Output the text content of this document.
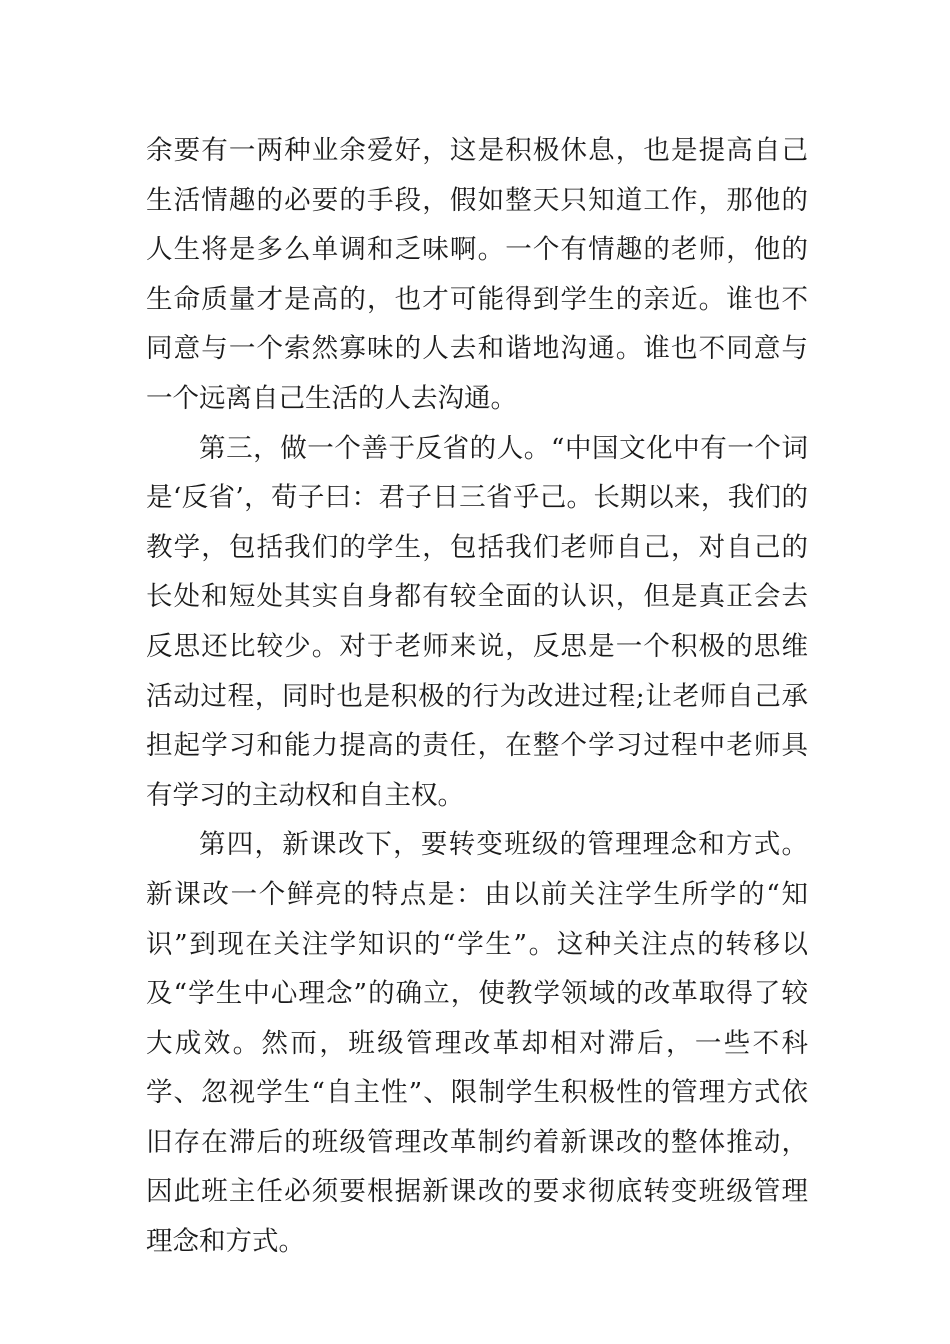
余要有一两种业余爱好，这是积极休息，也是提高自己生活情趣的必要的手段，假如整天只知道工作，那他的人生将是多么单调和乏味啊。一个有情趣的老师，他的生命质量才是高的，也才可能得到学生的亲近。谁也不同意与一个索然寡味的人去和谐地沟通。谁也不同意与一个远离自己生活的人去沟通。

第三，做一个善于反省的人。“中国文化中有一个词是‘反省’，荀子曰：君子日三省乎己。长期以来，我们的教学，包括我们的学生，包括我们老师自己，对自己的长处和短处其实自身都有较全面的认识，但是真正会去反思还比较少。对于老师来说，反思是一个积极的思维活动过程，同时也是积极的行为改进过程;让老师自己承担起学习和能力提高的责任，在整个学习过程中老师具有学习的主动权和自主权。

第四，新课改下，要转变班级的管理理念和方式。新课改一个鲜亮的特点是：由以前关注学生所学的“知识”到现在关注学知识的“学生”。这种关注点的转移以及“学生中心理念”的确立，使教学领域的改革取得了较大成效。然而，班级管理改革却相对滞后，一些不科学、忽视学生“自主性”、限制学生积极性的管理方式依旧存在滞后的班级管理改革制约着新课改的整体推动，因此班主任必须要根据新课改的要求彻底转变班级管理理念和方式。
